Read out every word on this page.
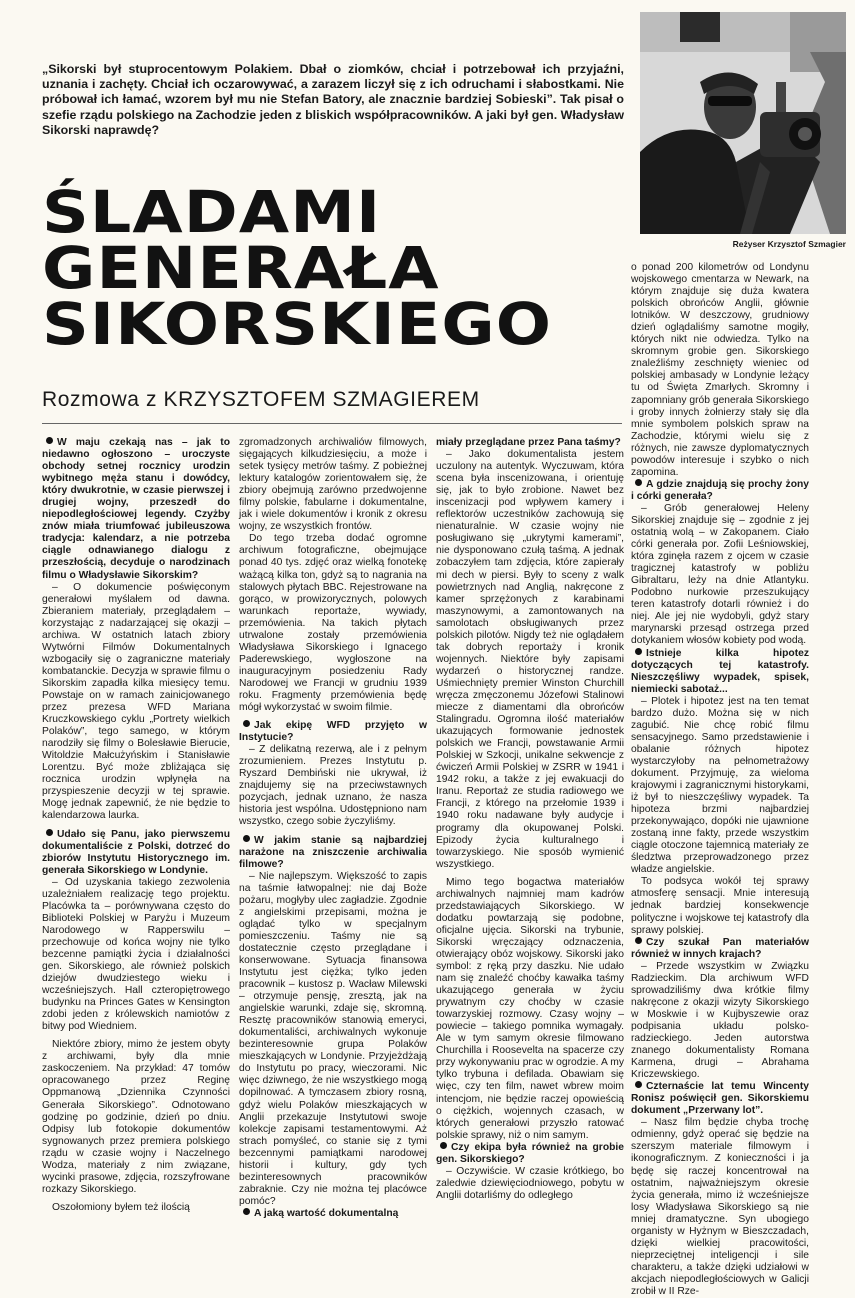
„Sikorski był stuprocentowym Polakiem. Dbał o ziomków, chciał i potrzebował ich przyjaźni, uznania i zachęty. Chciał ich oczarowywać, a zarazem liczył się z ich odruchami i słabostkami. Nie próbował ich łamać, wzorem był mu nie Stefan Batory, ale znacznie bardziej Sobieski”. Tak pisał o szefie rządu polskiego na Zachodzie jeden z bliskich współpracowników. A jaki był gen. Władysław Sikorski naprawdę?

Reżyser Krzysztof Szmagier

ŚLADAMI
GENERAŁA
SIKORSKIEGO
Rozmowa z KRZYSZTOFEM SZMAGIEREM

W maju czekają nas – jak to niedawno ogłoszono – uroczyste obchody setnej rocznicy urodzin wybitnego męża stanu i dowódcy, który dwukrotnie, w czasie pierwszej i drugiej wojny, przeszedł do niepodległościowej legendy. Czyżby znów miała triumfować jubileuszowa tradycja: kalendarz, a nie potrzeba ciągle odnawianego dialogu z przeszłością, decyduje o narodzinach filmu o Władysławie Sikorskim?

– O dokumencie poświęconym generałowi myślałem od dawna. Zbieraniem materiały, przeglądałem – korzystając z nadarzającej się okazji – archiwa. W ostatnich latach zbiory Wytwórni Filmów Dokumentalnych wzbogaciły się o zagraniczne materiały kombatanckie. Decyzja w sprawie filmu o Sikorskim zapadła kilka miesięcy temu. Powstaje on w ramach zainicjowanego przez prezesa WFD Mariana Kruczkowskiego cyklu „Portrety wielkich Polaków”, tego samego, w którym narodziły się filmy o Bolesławie Bierucie, Witoldzie Małcużyńskim i Stanisławie Lorentzu. Być może zbliżająca się rocznica urodzin wpłynęła na przyspieszenie decyzji w tej sprawie. Mogę jednak zapewnić, że nie będzie to kalendarzowa laurka.

Udało się Panu, jako pierwszemu dokumentaliście z Polski, dotrzeć do zbiorów Instytutu Historycznego im. generała Sikorskiego w Londynie.

– Od uzyskania takiego zezwolenia uzależniałem realizację tego projektu. Placówka ta – porównywana często do Biblioteki Polskiej w Paryżu i Muzeum Narodowego w Rapperswilu – przechowuje od końca wojny nie tylko bezcenne pamiątki życia i działalności gen. Sikorskiego, ale również polskich dziejów dwudziestego wieku i wcześniejszych. Hall czteropiętrowego budynku na Princes Gates w Kensington zdobi jeden z królewskich namiotów z bitwy pod Wiedniem.

Niektóre zbiory, mimo że jestem obyty z archiwami, były dla mnie zaskoczeniem. Na przykład: 47 tomów opracowanego przez Reginę Oppmanową „Dziennika Czynności Generała Sikorskiego”. Odnotowano godzinę po godzinie, dzień po dniu. Odpisy lub fotokopie dokumentów sygnowanych przez premiera polskiego rządu w czasie wojny i Naczelnego Wodza, materiały z nim związane, wycinki prasowe, zdjęcia, rozszyfrowane rozkazy Sikorskiego.

Oszołomiony byłem też ilością

zgromadzonych archiwaliów filmowych, sięgających kilkudziesięciu, a może i setek tysięcy metrów taśmy. Z pobieżnej lektury katalogów zorientowałem się, że zbiory obejmują zarówno przedwojenne filmy polskie, fabularne i dokumentalne, jak i wiele dokumentów i kronik z okresu wojny, ze wszystkich frontów.

Do tego trzeba dodać ogromne archiwum fotograficzne, obejmujące ponad 40 tys. zdjęć oraz wielką fonotekę ważącą kilka ton, gdyż są to nagrania na stalowych płytach BBC. Rejestrowane na gorąco, w prowizorycznych, polowych warunkach reportaże, wywiady, przemówienia. Na takich płytach utrwalone zostały przemówienia Władysława Sikorskiego i Ignacego Paderewskiego, wygłoszone na inauguracyjnym posiedzeniu Rady Narodowej we Francji w grudniu 1939 roku. Fragmenty przemówienia będę mógł wykorzystać w swoim filmie.

Jak ekipę WFD przyjęto w Instytucie?

– Z delikatną rezerwą, ale i z pełnym zrozumieniem. Prezes Instytutu p. Ryszard Dembiński nie ukrywał, iż znajdujemy się na przeciwstawnych pozycjach, jednak uznano, że nasza historia jest wspólna. Udostępniono nam wszystko, czego sobie życzyliśmy.

W jakim stanie są najbardziej narażone na zniszczenie archiwalia filmowe?

– Nie najlepszym. Większość to zapis na taśmie łatwopalnej: nie daj Boże pożaru, mogłyby ulec zagładzie. Zgodnie z angielskimi przepisami, można je oglądać tylko w specjalnym pomieszczeniu. Taśmy nie są dostatecznie często przeglądane i konserwowane. Sytuacja finansowa Instytutu jest ciężka; tylko jeden pracownik – kustosz p. Wacław Milewski – otrzymuje pensję, zresztą, jak na angielskie warunki, zdaje się, skromną. Resztę pracowników stanowią emeryci, dokumentaliści, archiwalnych wykonuje bezinteresownie grupa Polaków mieszkających w Londynie. Przyjeżdżają do Instytutu po pracy, wieczorami. Nic więc dziwnego, że nie wszystkiego mogą dopilnować. A tymczasem zbiory rosną, gdyż wielu Polaków mieszkających w Anglii przekazuje Instytutowi swoje kolekcje zapisami testamentowymi. Aż strach pomyśleć, co stanie się z tymi bezcennymi pamiątkami narodowej historii i kultury, gdy tych bezinteresownych pracowników zabraknie. Czy nie można tej placówce pomóc?

A jaką wartość dokumentalną

miały przeglądane przez Pana taśmy?

– Jako dokumentalista jestem uczulony na autentyk. Wyczuwam, która scena była inscenizowana, i orientuję się, jak to było zrobione. Nawet bez inscenizacji pod wpływem kamery i reflektorów uczestników zachowują się nienaturalnie. W czasie wojny nie posługiwano się „ukrytymi kamerami”, nie dysponowano czułą taśmą. A jednak zobaczyłem tam zdjęcia, które zapierały mi dech w piersi. Były to sceny z walk powietrznych nad Anglią, nakręcone z kamer sprzężonych z karabinami maszynowymi, a zamontowanych na samolotach obsługiwanych przez polskich pilotów. Nigdy też nie oglądałem tak dobrych reportaży i kronik wojennych. Niektóre były zapisami wydarzeń o historycznej randze. Uśmiechnięty premier Winston Churchill wręcza zmęczonemu Józefowi Stalinowi miecze z diamentami dla obrońców Stalingradu. Ogromna ilość materiałów ukazujących formowanie jednostek polskich we Francji, powstawanie Armii Polskiej w Szkocji, unikalne sekwencje z ćwiczeń Armii Polskiej w ZSRR w 1941 i 1942 roku, a także z jej ewakuacji do Iranu. Reportaż ze studia radiowego we Francji, z którego na przełomie 1939 i 1940 roku nadawane były audycje i programy dla okupowanej Polski. Epizody życia kulturalnego i towarzyskiego. Nie sposób wymienić wszystkiego.

Mimo tego bogactwa materiałów archiwalnych najmniej mam kadrów przedstawiających Sikorskiego. W dodatku powtarzają się podobne, oficjalne ujęcia. Sikorski na trybunie, Sikorski wręczający odznaczenia, otwierający obóz wojskowy. Sikorski jako symbol: z ręką przy daszku. Nie udało nam się znaleźć choćby kawałka taśmy ukazującego generała w życiu prywatnym czy choćby w czasie towarzyskiej rozmowy. Czasy wojny – powiecie – takiego pomnika wymagały. Ale w tym samym okresie filmowano Churchilla i Roosevelta na spacerze czy przy wykonywaniu prac w ogrodzie. A my tylko trybuna i defilada. Obawiam się więc, czy ten film, nawet wbrew moim intencjom, nie będzie raczej opowieścią o ciężkich, wojennych czasach, w których generałowi przyszło ratować polskie sprawy, niż o nim samym.

Czy ekipa była również na grobie gen. Sikorskiego?

– Oczywiście. W czasie krótkiego, bo zaledwie dziewięciodniowego, pobytu w Anglii dotarliśmy do odległego

o ponad 200 kilometrów od Londynu wojskowego cmentarza w Newark, na którym znajduje się duża kwatera polskich obrońców Anglii, głównie lotników. W deszczowy, grudniowy dzień oglądaliśmy samotne mogiły, których nikt nie odwiedza. Tylko na skromnym grobie gen. Sikorskiego znaleźliśmy zeschnięty wieniec od polskiej ambasady w Londynie leżący tu od Święta Zmarłych. Skromny i zapomniany grób generała Sikorskiego i groby innych żołnierzy stały się dla mnie symbolem polskich spraw na Zachodzie, którymi wielu się z różnych, nie zawsze dyplomatycznych powodów interesuje i szybko o nich zapomina.

A gdzie znajdują się prochy żony i córki generała?

– Grób generałowej Heleny Sikorskiej znajduje się – zgodnie z jej ostatnią wolą – w Zakopanem. Ciało córki generała por. Zofii Leśniowskiej, która zginęła razem z ojcem w czasie tragicznej katastrofy w pobliżu Gibraltaru, leży na dnie Atlantyku. Podobno nurkowie przeszukujący teren katastrofy dotarli również i do niej. Ale jej nie wydobyli, gdyż stary marynarski przesąd ostrzega przed dotykaniem włosów kobiety pod wodą.

Istnieje kilka hipotez dotyczących tej katastrofy. Nieszczęśliwy wypadek, spisek, niemiecki sabotaż...

– Plotek i hipotez jest na ten temat bardzo dużo. Można się w nich zagubić. Nie chcę robić filmu sensacyjnego. Samo przedstawienie i obalanie różnych hipotez wystarczyłoby na pełnometrażowy dokument. Przyjmuję, za wieloma krajowymi i zagranicznymi historykami, iż był to nieszczęśliwy wypadek. Ta hipoteza brzmi najbardziej przekonywająco, dopóki nie ujawnione zostaną inne fakty, przede wszystkim ciągle otoczone tajemnicą materiały ze śledztwa przeprowadzonego przez władze angielskie.

To podsyca wokół tej sprawy atmosferę sensacji. Mnie interesują jednak bardziej konsekwencje polityczne i wojskowe tej katastrofy dla sprawy polskiej.

Czy szukał Pan materiałów również w innych krajach?

– Przede wszystkim w Związku Radzieckim. Dla archiwum WFD sprowadziliśmy dwa krótkie filmy nakręcone z okazji wizyty Sikorskiego w Moskwie i w Kujbyszewie oraz podpisania układu polsko-radzieckiego. Jeden autorstwa znanego dokumentalisty Romana Karmena, drugi – Abrahama Kriczewskiego.

Czternaście lat temu Wincenty Ronisz poświęcił gen. Sikorskiemu dokument „Przerwany lot”.

– Nasz film będzie chyba trochę odmienny, gdyż operać się będzie na szerszym materiale filmowym i ikonograficznym. Z konieczności i ja będę się raczej koncentrował na ostatnim, najważniejszym okresie życia generała, mimo iż wcześniejsze losy Władysława Sikorskiego są nie mniej dramatyczne. Syn ubogiego organisty w Hyżnym w Bieszczadach, dzięki wielkiej pracowitości, nieprzeciętnej inteligencji i sile charakteru, a także dzięki udziałowi w akcjach niepodległościowych w Galicji zrobił w II Rze-
